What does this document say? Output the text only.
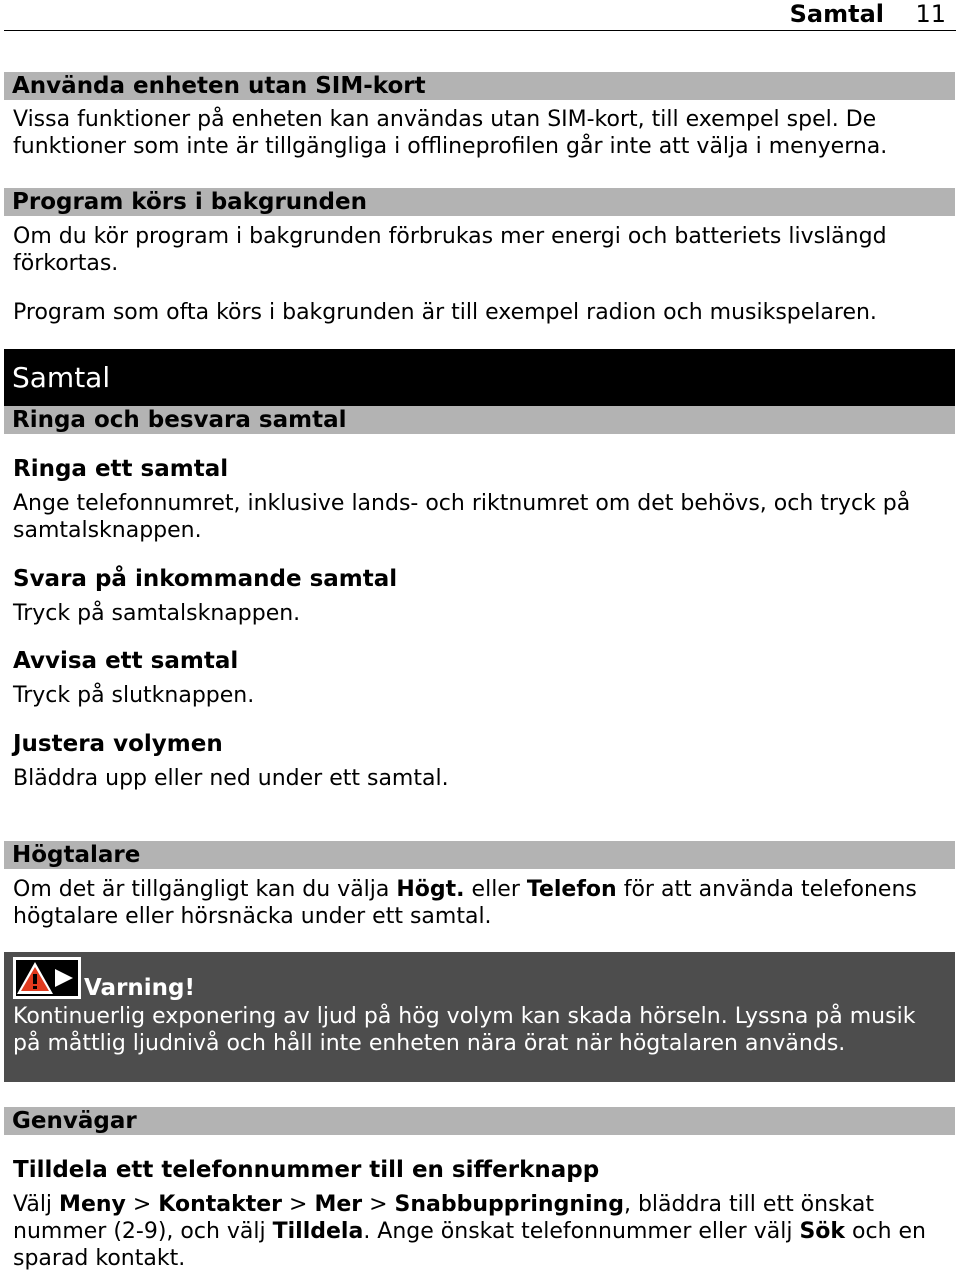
Samtal 11
Använda enheten utan SIM-kort

Vissa funktioner på enheten kan användas utan SIM-kort, till exempel spel. De funktioner som inte är tillgängliga i offlineprofilen går inte att välja i menyerna.

Program körs i bakgrunden

Om du kör program i bakgrunden förbrukas mer energi och batteriets livslängd förkortas.

Program som ofta körs i bakgrunden är till exempel radion och musikspelaren.

Samtal
Ringa och besvara samtal
Ringa ett samtal

Ange telefonnumret, inklusive lands- och riktnumret om det behövs, och tryck på samtalsknappen.

Svara på inkommande samtal

Tryck på samtalsknappen.

Avvisa ett samtal

Tryck på slutknappen.

Justera volymen

Bläddra upp eller ned under ett samtal.

Högtalare

Om det är tillgängligt kan du välja Högt. eller Telefon för att använda telefonens högtalare eller hörsnäcka under ett samtal.

Varning!

Kontinuerlig exponering av ljud på hög volym kan skada hörseln. Lyssna på musik på måttlig ljudnivå och håll inte enheten nära örat när högtalaren används.

Genvägar
Tilldela ett telefonnummer till en sifferknapp

Välj Meny > Kontakter > Mer > Snabbuppringning, bläddra till ett önskat nummer (2-9), och välj Tilldela. Ange önskat telefonnummer eller välj Sök och en sparad kontakt.
